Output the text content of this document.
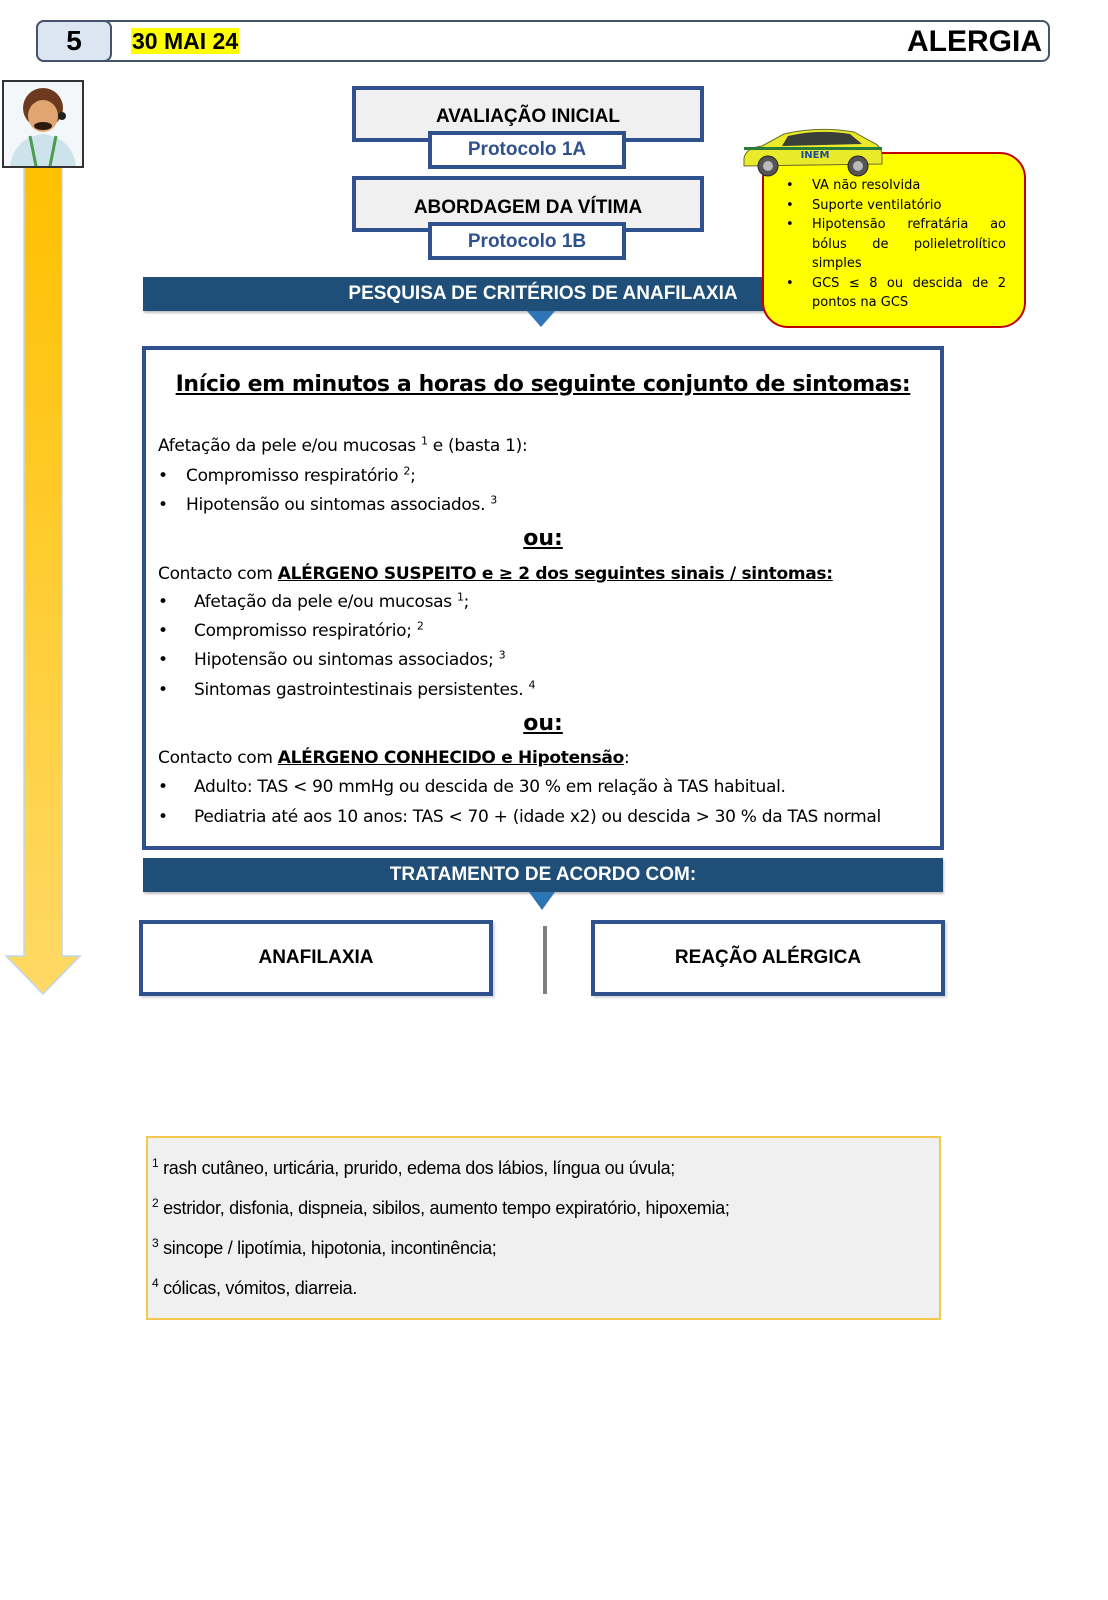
5	30 MAI 24	ALERGIA
AVALIAÇÃO INICIAL
Protocolo 1A
ABORDAGEM DA VÍTIMA
Protocolo 1B
PESQUISA DE CRITÉRIOS DE ANAFILAXIA
• VA não resolvida
• Suporte ventilatório
• Hipotensão refratária ao bólus de polieletrolítico simples
• GCS ≤ 8 ou descida de 2 pontos na GCS
INEM
Início em minutos a horas do seguinte conjunto de sintomas:
Afetação da pele e/ou mucosas $^1$ e (basta 1):
• Compromisso respiratório $^2$;
• Hipotensão ou sintomas associados. $^3$
ou:
Contacto com ALÉRGENO SUSPEITO e ≥ 2 dos seguintes sinais / sintomas:
• Afetação da pele e/ou mucosas $^1$;
• Compromisso respiratório; $^2$
• Hipotensão ou sintomas associados; $^3$
• Sintomas gastrointestinais persistentes. $^4$
ou:
Contacto com ALÉRGENO CONHECIDO e Hipotensão:
• Adulto: TAS < 90 mmHg ou descida de 30 % em relação à TAS habitual.
• Pediatria até aos 10 anos: TAS < 70 + (idade x2) ou descida > 30 % da TAS normal
TRATAMENTO DE ACORDO COM:
ANAFILAXIA	REAÇÃO ALÉRGICA
$^1$ rash cutâneo, urticária, prurido, edema dos lábios, língua ou úvula;
$^2$ estridor, disfonia, dispneia, sibilos, aumento tempo expiratório, hipoxemia;
$^3$ sincope / lipotímia, hipotonia, incontinência;
$^4$ cólicas, vómitos, diarreia.
